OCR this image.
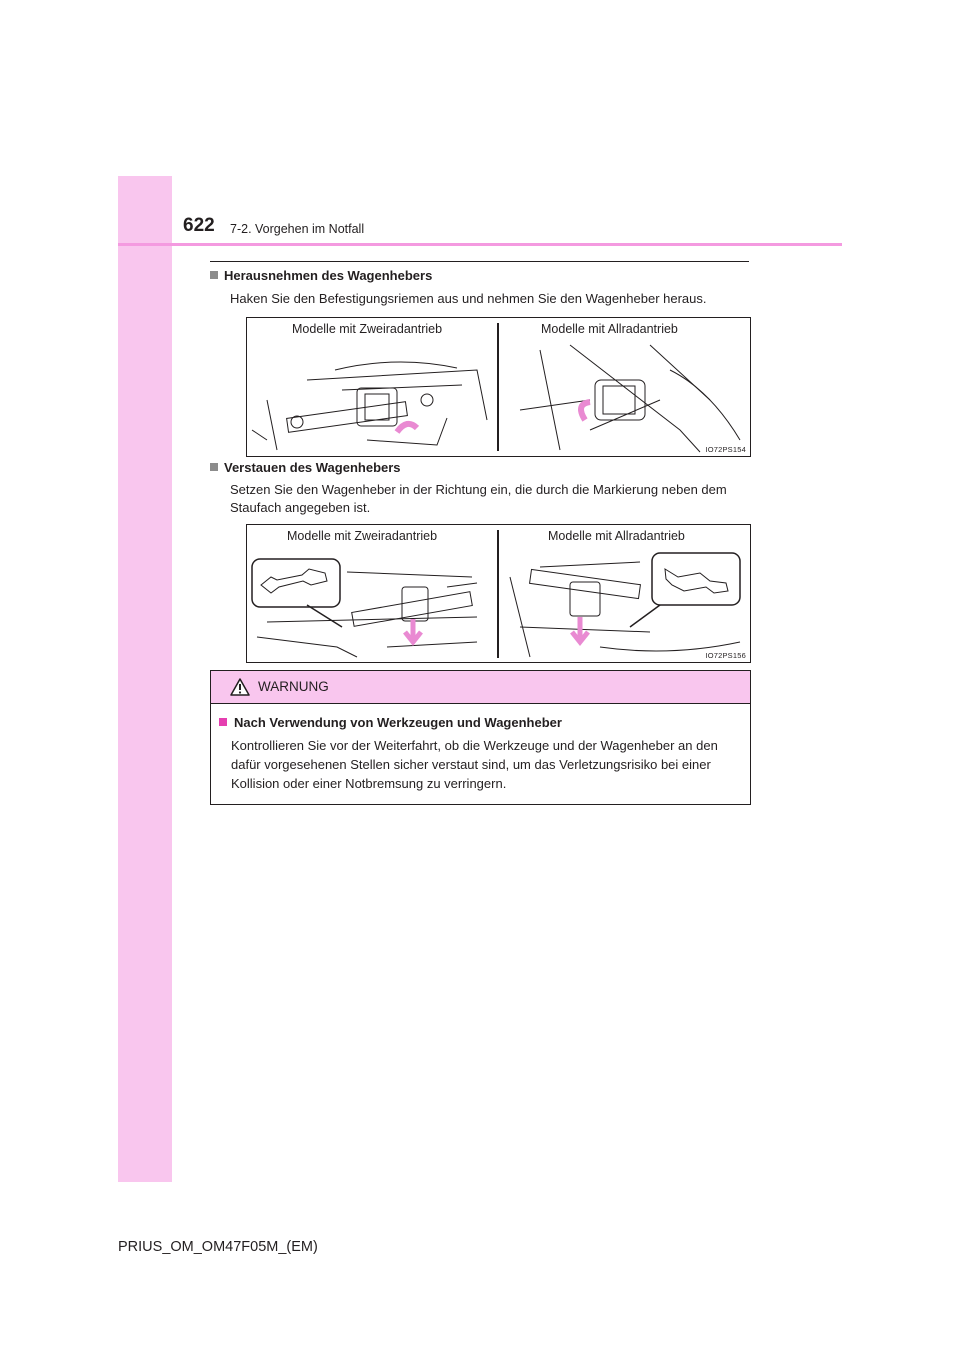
622 7-2. Vorgehen im Notfall
Herausnehmen des Wagenhebers
Haken Sie den Befestigungsriemen aus und nehmen Sie den Wagenheber heraus.
Modelle mit Zweiradantrieb	Modelle mit Allradantrieb
IO72PS154
Verstauen des Wagenhebers
Setzen Sie den Wagenheber in der Richtung ein, die durch die Markierung neben dem Staufach angegeben ist.
Modelle mit Zweiradantrieb	Modelle mit Allradantrieb
IO72PS156
WARNUNG
Nach Verwendung von Werkzeugen und Wagenheber
Kontrollieren Sie vor der Weiterfahrt, ob die Werkzeuge und der Wagenheber an den dafür vorgesehenen Stellen sicher verstaut sind, um das Verletzungsrisiko bei einer Kollision oder einer Notbremsung zu verringern.
PRIUS_OM_OM47F05M_(EM)
